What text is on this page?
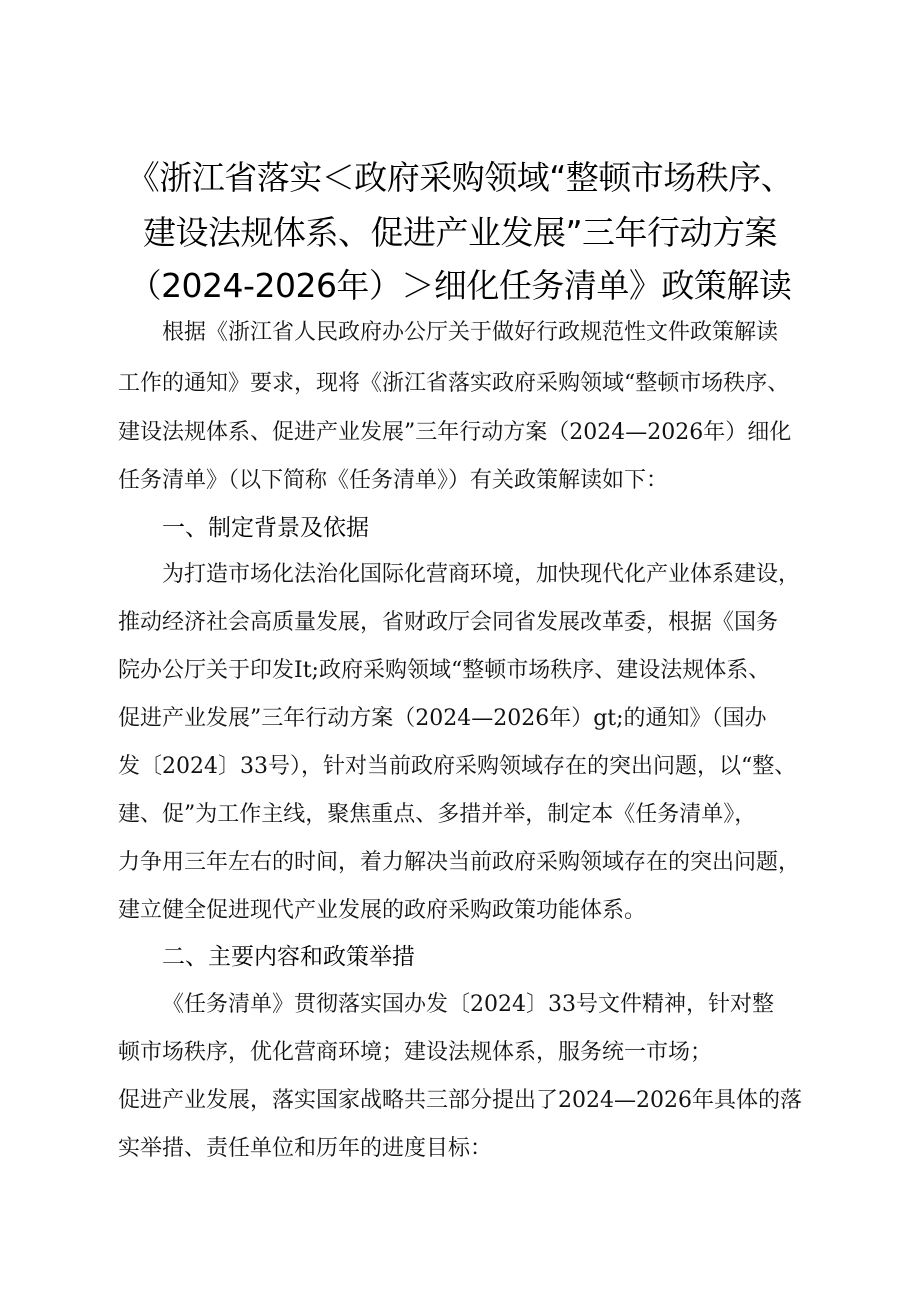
《浙江省落实＜政府采购领域“整顿市场秩序、
建设法规体系、促进产业发展”三年行动方案
（2024-2026年）＞细化任务清单》政策解读
根据《浙江省人民政府办公厅关于做好行政规范性文件政策解读
工作的通知》要求，现将《浙江省落实政府采购领域“整顿市场秩序、
建设法规体系、促进产业发展”三年行动方案（2024—2026年）细化
任务清单》（以下简称《任务清单》）有关政策解读如下：
一、制定背景及依据
为打造市场化法治化国际化营商环境，加快现代化产业体系建设，
推动经济社会高质量发展，省财政厅会同省发展改革委，根据《国务
院办公厅关于印发It;政府采购领域“整顿市场秩序、建设法规体系、
促进产业发展”三年行动方案（2024—2026年）gt;的通知》（国办
发〔2024〕33号），针对当前政府采购领域存在的突出问题，以“整、
建、促”为工作主线，聚焦重点、多措并举，制定本《任务清单》，
力争用三年左右的时间，着力解决当前政府采购领域存在的突出问题，
建立健全促进现代产业发展的政府采购政策功能体系。
二、主要内容和政策举措
《任务清单》贯彻落实国办发〔2024〕33号文件精神，针对整
顿市场秩序，优化营商环境；建设法规体系，服务统一市场；
促进产业发展，落实国家战略共三部分提出了2024—2026年具体的落
实举措、责任单位和历年的进度目标：
